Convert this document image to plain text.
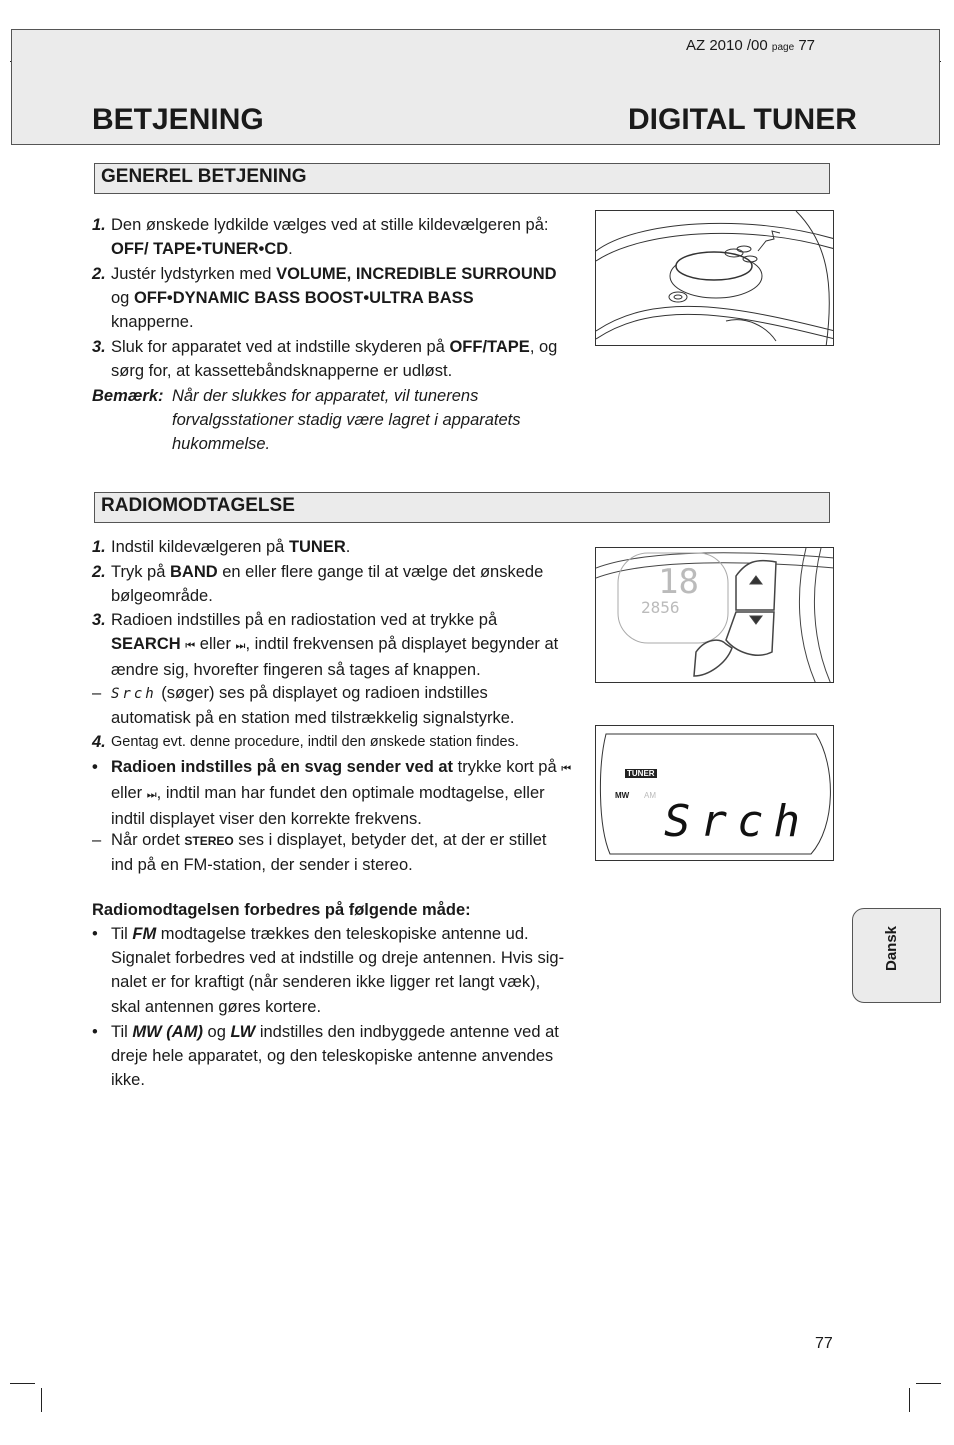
AZ 2010 /00 page 77
BETJENING	DIGITAL TUNER
GENEREL BETJENING
1. Den ønskede lydkilde vælges ved at stille kildevælgeren på:
OFF/ TAPE•TUNER•CD.
2. Justér lydstyrken med VOLUME, INCREDIBLE SURROUND
og OFF•DYNAMIC BASS BOOST•ULTRA BASS
knapperne.
3. Sluk for apparatet ved at indstille skyderen på OFF/TAPE, og sørg for, at kassettebåndsknapperne er udløst.
Bemærk: Når der slukkes for apparatet, vil tunerens forvalgsstationer stadig være lagret i apparatets hukommelse.
RADIOMODTAGELSE
1. Indstil kildevælgeren på TUNER.
2. Tryk på BAND en eller flere gange til at vælge det ønskede bølgeområde.
3. Radioen indstilles på en radiostation ved at trykke på
SEARCH ⏮ eller ⏭, indtil frekvensen på displayet begynder at ændre sig, hvorefter fingeren så tages af knappen.
– Srch (søger) ses på displayet og radioen indstilles automatisk på en station med tilstrækkelig signalstyrke.
4. Gentag evt. denne procedure, indtil den ønskede station findes.
• Radioen indstilles på en svag sender ved at trykke kort på ⏮ eller ⏭, indtil man har fundet den optimale modtagelse, eller indtil displayet viser den korrekte frekvens.
– Når ordet STEREO ses i displayet, betyder det, at der er stillet ind på en FM-station, der sender i stereo.
18
2856
TUNER
MW AM
Srch
Radiomodtagelsen forbedres på følgende måde:
• Til FM modtagelse trækkes den teleskopiske antenne ud. Signalet forbedres ved at indstille og dreje antennen. Hvis sig-nalet er for kraftigt (når senderen ikke ligger ret langt væk), skal antennen gøres kortere.
• Til MW (AM) og LW indstilles den indbyggede antenne ved at dreje hele apparatet, og den teleskopiske antenne anvendes ikke.
Dansk
77
